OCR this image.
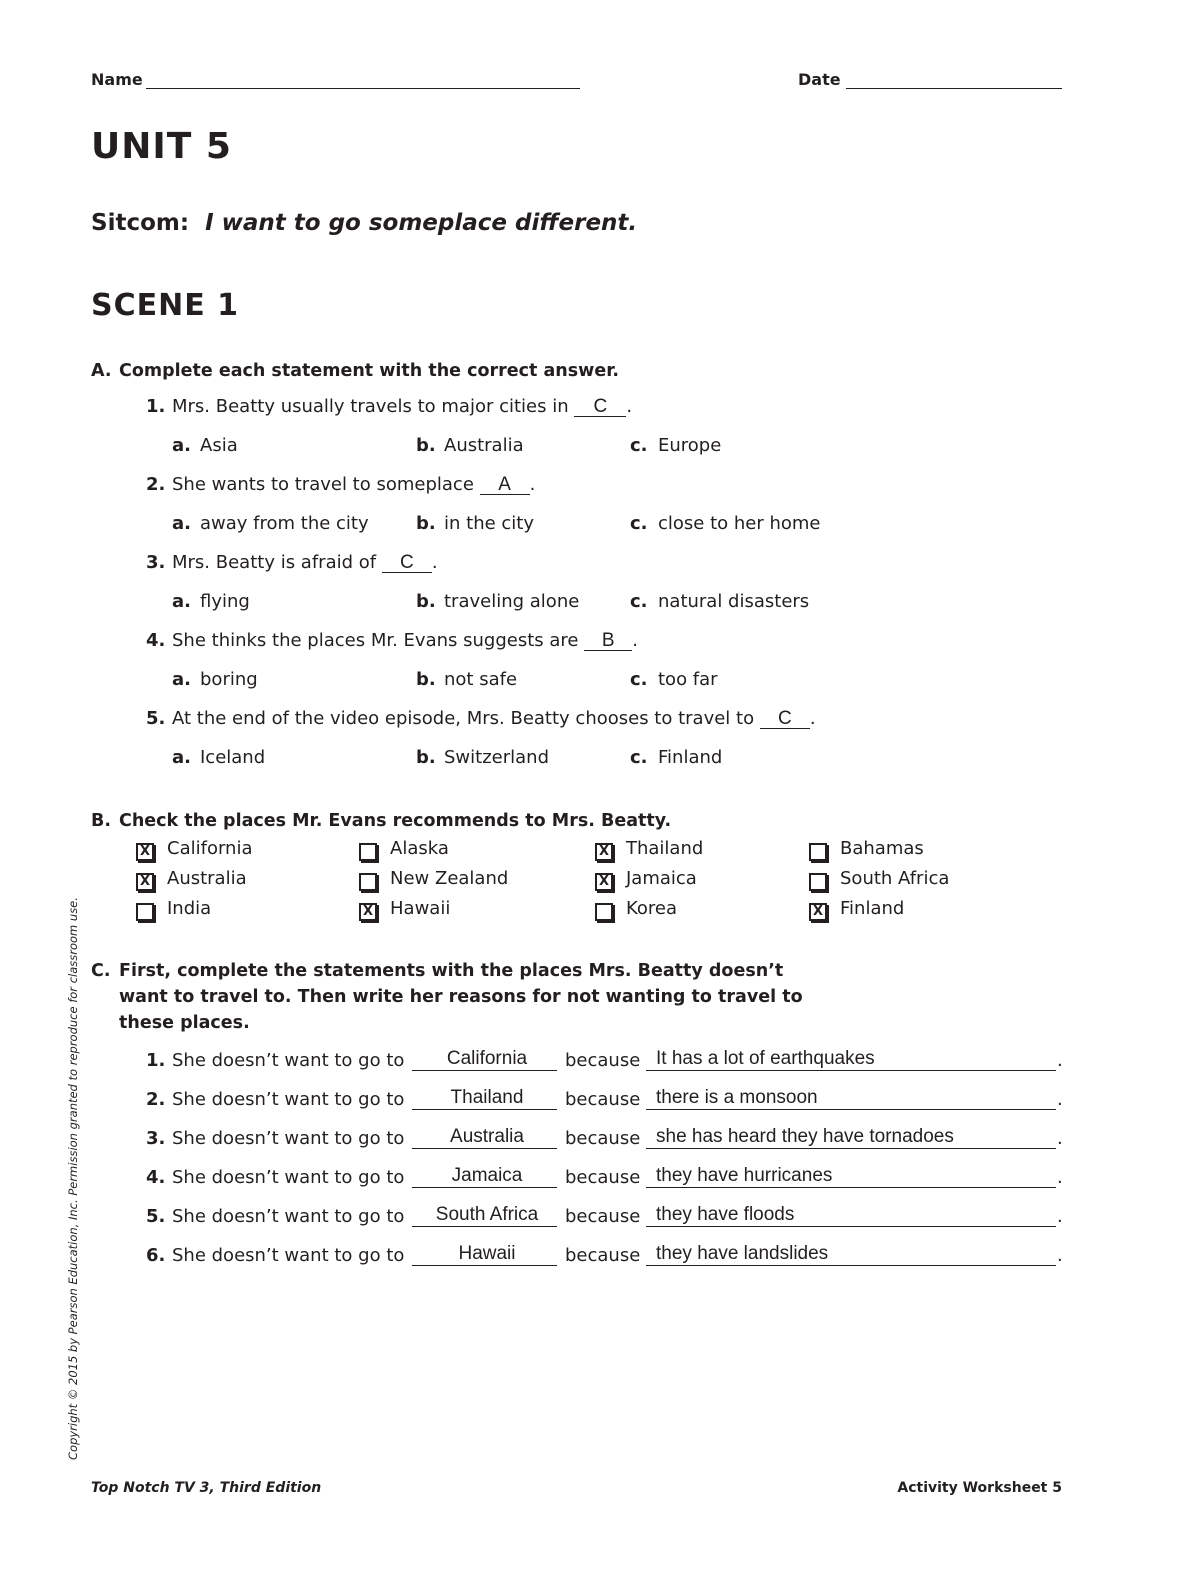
Name	Date
UNIT 5
Sitcom: I want to go someplace different.
SCENE 1
A. Complete each statement with the correct answer.
1. Mrs. Beatty usually travels to major cities in C .
a. Asia	b. Australia	c. Europe
2. She wants to travel to someplace A .
a. away from the city	b. in the city	c. close to her home
3. Mrs. Beatty is afraid of C .
a. flying	b. traveling alone	c. natural disasters
4. She thinks the places Mr. Evans suggests are B .
a. boring	b. not safe	c. too far
5. At the end of the video episode, Mrs. Beatty chooses to travel to C .
a. Iceland	b. Switzerland	c. Finland
B. Check the places Mr. Evans recommends to Mrs. Beatty.
X California	Alaska	X Thailand	Bahamas
X Australia	New Zealand	X Jamaica	South Africa
India	X Hawaii	Korea	X Finland
C. First, complete the statements with the places Mrs. Beatty doesn’t
want to travel to. Then write her reasons for not wanting to travel to
these places.
1. She doesn’t want to go to	California	because It has a lot of earthquakes	.
2. She doesn’t want to go to	Thailand	because there is a monsoon	.
3. She doesn’t want to go to	Australia	because she has heard they have tornadoes	.
4. She doesn’t want to go to	Jamaica	because they have hurricanes	.
5. She doesn’t want to go to	South Africa	because they have floods	.
6. She doesn’t want to go to	Hawaii	because they have landslides	.
Copyright © 2015 by Pearson Education, Inc. Permission granted to reproduce for classroom use.
Top Notch TV 3, Third Edition	Activity Worksheet 5
